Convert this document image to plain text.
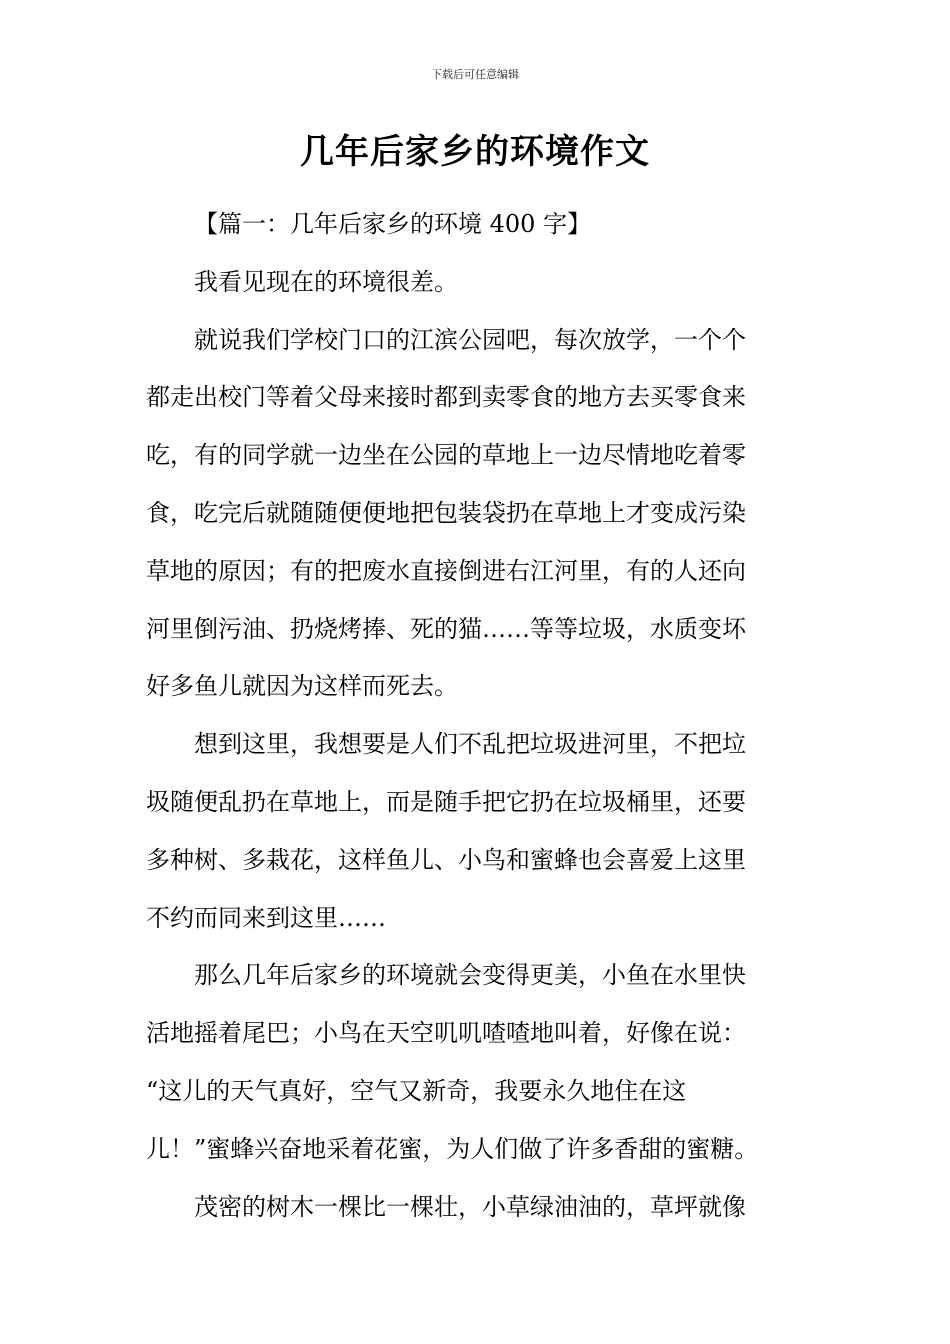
下载后可任意编辑
几年后家乡的环境作文

【篇一：几年后家乡的环境 400 字】

我看见现在的环境很差。

就说我们学校门口的江滨公园吧，每次放学，一个个
都走出校门等着父母来接时都到卖零食的地方去买零食来
吃，有的同学就一边坐在公园的草地上一边尽情地吃着零
食，吃完后就随随便便地把包装袋扔在草地上才变成污染
草地的原因；有的把废水直接倒进右江河里，有的人还向
河里倒污油、扔烧烤捧、死的猫……等等垃圾，水质变坏
好多鱼儿就因为这样而死去。

想到这里，我想要是人们不乱把垃圾进河里，不把垃
圾随便乱扔在草地上，而是随手把它扔在垃圾桶里，还要
多种树、多栽花，这样鱼儿、小鸟和蜜蜂也会喜爱上这里
不约而同来到这里……

那么几年后家乡的环境就会变得更美，小鱼在水里快
活地摇着尾巴；小鸟在天空叽叽喳喳地叫着，好像在说：
“这儿的天气真好，空气又新奇，我要永久地住在这
儿！”蜜蜂兴奋地采着花蜜，为人们做了许多香甜的蜜糖。

茂密的树木一棵比一棵壮，小草绿油油的，草坪就像
